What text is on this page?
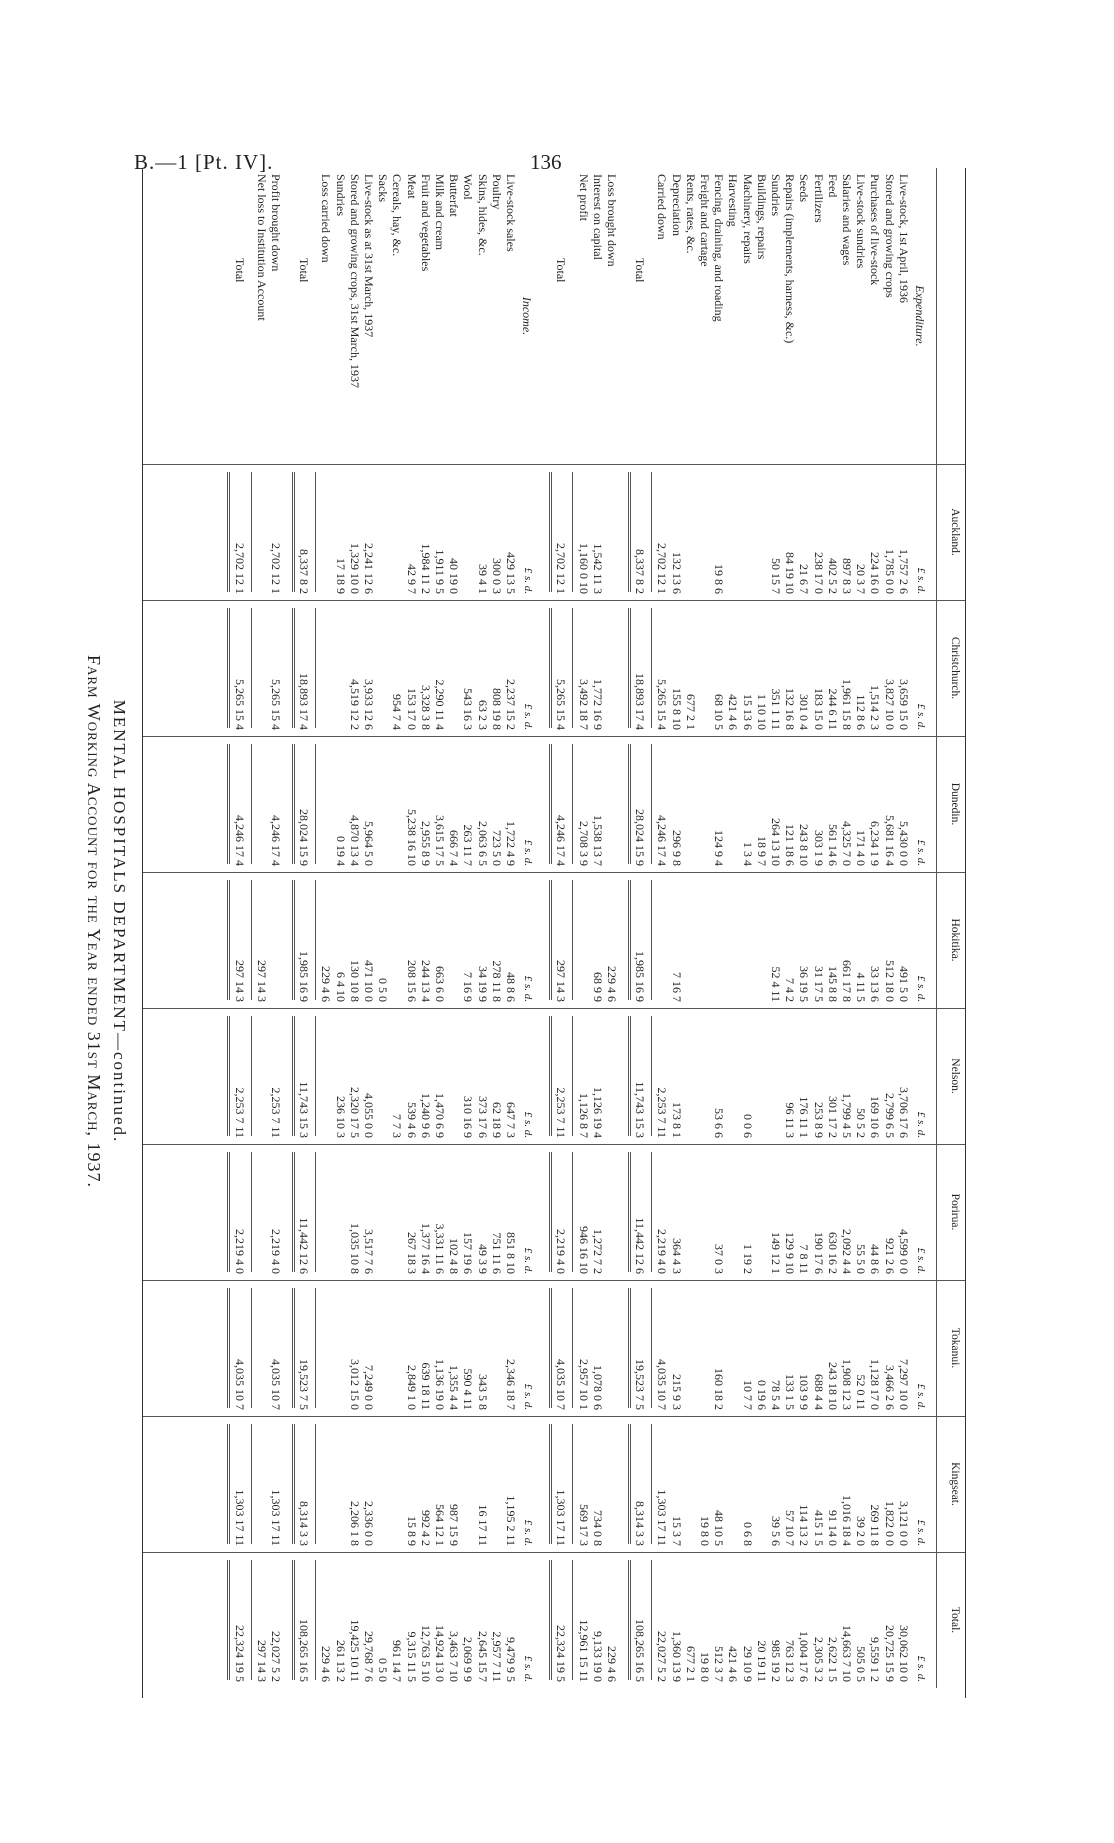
B.—1 [Pt. IV].	136
MENTAL HOSPITALS DEPARTMENT—continued.
Farm Working Account for the Year ended 31st March, 1937.
Expenditure.
Live-stock, 1st April, 1936
Stored and growing crops
Purchases of live-stock
Live-stock sundries
Salaries and wages
Feed
Fertilizers
Seeds
Repairs (implements, harness, &c.)
Sundries
Buildings, repairs
Machinery, repairs
Harvesting
Fencing, draining, and roading
Freight and cartage
Rents, rates, &c.
Depreciation
Carried down
Total
Loss brought down
Interest on capital
Net profit
Total
Income.
Live-stock sales
Poultry
Skins, hides, &c.
Wool
Butterfat
Milk and cream
Fruit and vegetables
Meat
Cereals, hay, &c.
Sacks
Live-stock as at 31st March, 1937
Stored and growing crops, 31st March, 1937
Sundries
Loss carried down
Total
Profit brought down
Net loss to Institution Account
Total
Auckland.
£ s. d.
1,757 2 6
1,785 0 0
224 16 0
20 3 7
897 8 3
402 5 2
238 17 0
21 6 7
84 19 10
50 15 7
19 8 6
132 13 6
2,702 12 1
8,337 8 2
1,542 11 3
1,160 0 10
2,702 12 1
£ s. d.
429 13 5
300 0 3
39 4 1
40 19 0
1,911 9 5
1,984 11 2
42 9 7
2,241 12 6
1,329 10 0
17 18 9
8,337 8 2
2,702 12 1
2,702 12 1
Christchurch.
£ s. d.
3,659 15 0
3,827 10 0
1,514 2 3
112 8 6
1,961 15 8
244 6 11
183 15 0
301 0 4
132 16 8
351 1 11
1 10 10
15 13 6
421 4 6
68 10 5
677 2 1
155 8 10
5,265 15 4
18,893 17 4
1,772 16 9
3,492 18 7
5,265 15 4
£ s. d.
2,237 15 2
808 19 8
63 2 3
543 16 3
2,290 11 4
3,328 3 8
153 17 0
954 7 4
3,933 12 6
4,519 12 2
18,893 17 4
5,265 15 4
5,265 15 4
Dunedin.
£ s. d.
5,430 0 0
5,681 16 4
6,234 1 9
171 4 0
4,325 7 0
561 14 6
303 1 9
243 8 10
121 18 6
264 13 10
18 9 7
1 3 4
124 9 4
296 9 8
4,246 17 4
28,024 15 9
1,538 13 7
2,708 3 9
4,246 17 4
£ s. d.
1,722 4 9
723 5 0
2,063 6 5
263 11 7
666 7 4
3,615 17 5
2,955 8 9
5,238 16 10
5,964 5 0
4,870 13 4
0 19 4
28,024 15 9
4,246 17 4
4,246 17 4
Hokitika.
£ s. d.
491 5 0
512 18 0
33 13 6
4 11 5
661 17 8
145 8 8
31 17 5
36 19 5
7 4 2
52 4 11
7 16 7
1,985 16 9
229 4 6
68 9 9
297 14 3
£ s. d.
48 8 6
278 11 8
34 19 9
7 16 9
663 6 0
244 13 4
208 15 6
0 5 0
471 10 0
130 10 8
6 4 10
229 4 6
1,985 16 9
297 14 3
297 14 3
Nelson.
£ s. d.
3,706 17 6
2,799 6 5
169 10 6
50 5 2
1,799 4 5
301 17 2
253 8 9
176 11 1
96 11 3
0 0 6
53 6 6
173 8 1
2,253 7 11
11,743 15 3
1,126 19 4
1,126 8 7
2,253 7 11
£ s. d.
647 7 3
62 18 9
373 17 6
310 16 9
1,470 6 9
1,240 9 6
539 4 6
7 7 3
4,055 0 0
2,320 17 5
236 10 3
11,743 15 3
2,253 7 11
2,253 7 11
Porirua.
£ s. d.
4,599 0 0
921 2 6
44 8 6
55 5 0
2,092 4 4
630 16 2
190 17 6
7 8 11
129 9 10
149 12 1
1 19 2
37 0 3
364 4 3
2,219 4 0
11,442 12 6
1,272 7 2
946 16 10
2,219 4 0
£ s. d.
851 8 10
751 11 6
49 3 9
157 19 6
102 4 8
3,331 11 6
1,377 16 4
267 18 3
3,517 7 6
1,035 10 8
11,442 12 6
2,219 4 0
2,219 4 0
Tokanui.
£ s. d.
7,297 10 0
3,466 2 6
1,128 17 0
52 0 11
1,908 12 3
243 18 10
688 4 4
103 9 9
133 1 5
78 5 4
0 19 6
10 7 7
160 18 2
215 9 3
4,035 10 7
19,523 7 5
1,078 0 6
2,957 10 1
4,035 10 7
£ s. d.
2,346 18 7
343 5 8
590 4 11
1,355 4 4
1,136 19 0
639 18 11
2,849 1 0
7,249 0 0
3,012 15 0
19,523 7 5
4,035 10 7
4,035 10 7
Kingseat.
£ s. d.
3,121 0 0
1,822 0 0
269 11 8
39 2 0
1,016 18 4
91 14 0
415 1 5
114 13 2
57 10 7
39 5 6
0 6 8
48 10 5
19 8 0
15 3 7
1,303 17 11
8,314 3 3
734 0 8
569 17 3
1,303 17 11
£ s. d.
1,195 2 11
16 17 11
987 15 9
564 12 1
992 4 2
15 8 9
2,336 0 0
2,206 1 8
8,314 3 3
1,303 17 11
1,303 17 11
Total.
£ s. d.
30,062 10 0
20,725 15 9
9,559 1 2
505 0 5
14,663 7 10
2,622 1 5
2,305 3 2
1,004 17 6
763 12 3
985 19 2
20 19 11
29 10 9
421 4 6
512 3 7
19 8 0
677 2 1
1,360 13 9
22,027 5 2
108,265 16 5
229 4 6
9,133 19 0
12,961 15 11
22,324 19 5
£ s. d.
9,479 9 5
2,957 7 11
2,645 15 7
2,069 9 9
3,463 7 10
14,924 13 0
12,763 5 10
9,315 11 5
961 14 7
0 5 0
29,768 7 6
19,425 10 11
261 13 2
229 4 6
108,265 16 5
22,027 5 2
297 14 3
22,324 19 5
